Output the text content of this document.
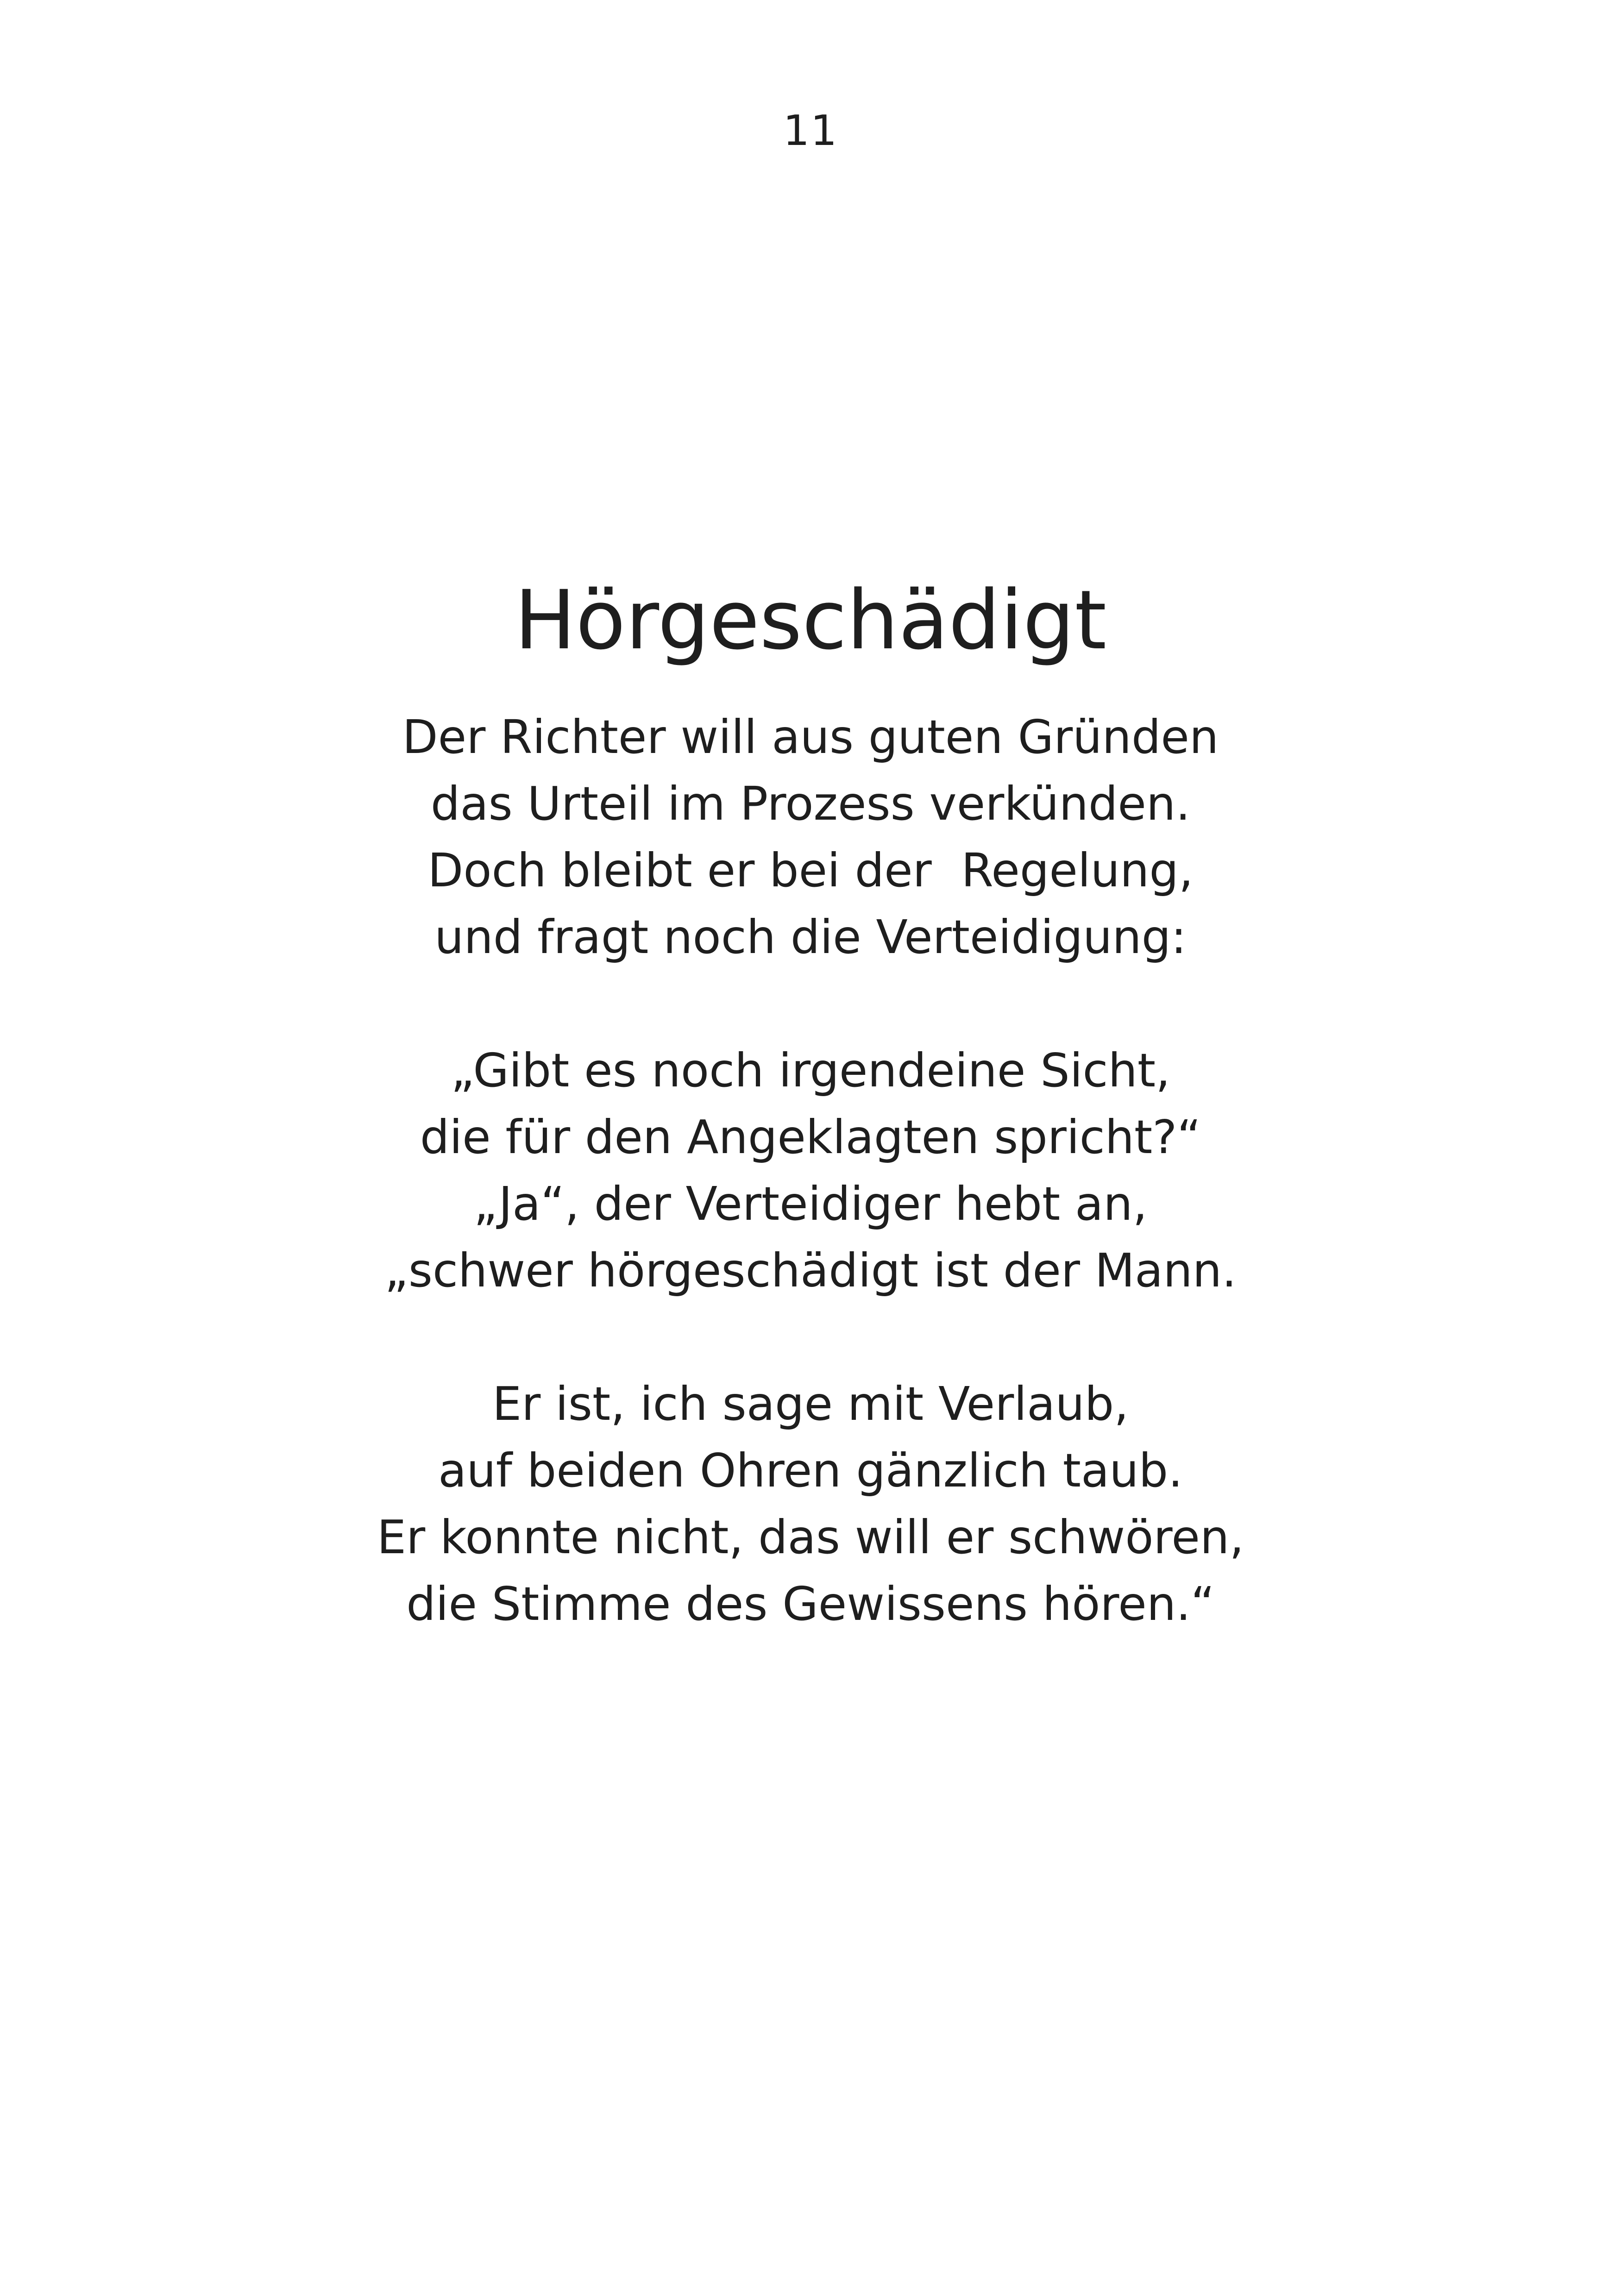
11
Hörgeschädigt
Der Richter will aus guten Gründen
das Urteil im Prozess verkünden.
Doch bleibt er bei der  Regelung,
und fragt noch die Verteidigung:
„Gibt es noch irgendeine Sicht,
die für den Angeklagten spricht?“
„Ja“, der Verteidiger hebt an,
„schwer hörgeschädigt ist der Mann.
Er ist, ich sage mit Verlaub,
auf beiden Ohren gänzlich taub.
Er konnte nicht, das will er schwören,
die Stimme des Gewissens hören.“
